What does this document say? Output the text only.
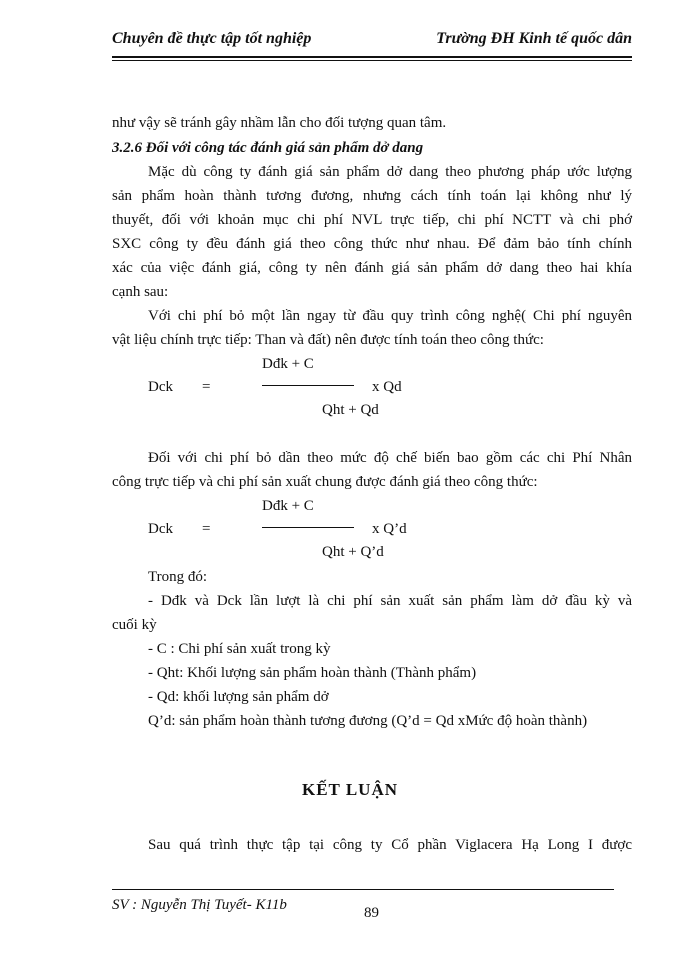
Chuyên đề thực tập tốt nghiệp	Trường ĐH Kinh tế quốc dân
như vậy sẽ tránh gây nhầm lẫn cho đối tượng quan tâm.
3.2.6 Đối với công tác đánh giá sản phẩm dở dang
Mặc dù công ty đánh giá sản phẩm dở dang theo phương pháp ước lượng
sản phẩm hoàn thành tương đương, nhưng cách tính toán lại không như lý
thuyết, đối với khoản mục chi phí NVL trực tiếp, chi phí NCTT và chi phớ
SXC công ty đều đánh giá theo công thức như nhau. Để đảm bảo tính chính
xác của việc đánh giá, công ty nên đánh giá sản phẩm dở dang theo hai khía
cạnh sau:
Với chi phí bỏ một lần ngay từ đầu quy trình công nghệ( Chi phí nguyên
vật liệu chính trực tiếp: Than và đất) nên được tính toán theo công thức:
Dđk + C
Dck =	x Qd
Qht + Qd
Đối với chi phí bỏ dần theo mức độ chế biến bao gồm các chi Phí Nhân
công trực tiếp và chi phí sản xuất chung được đánh giá theo công thức:
Dđk + C
Dck =	x Q’d
Qht + Q’d
Trong đó:
- Dđk và Dck lần lượt là chi phí sản xuất sản phẩm làm dở đầu kỳ và
cuối kỳ
- C : Chi phí sản xuất trong kỳ
- Qht: Khối lượng sản phẩm hoàn thành (Thành phẩm)
- Qd: khối lượng sản phẩm dở
Q’d: sản phẩm hoàn thành tương đương (Q’d = Qd xMức độ hoàn thành)
KẾT LUẬN
Sau quá trình thực tập tại công ty Cổ phần Viglacera Hạ Long I được
SV : Nguyễn Thị Tuyết- K11b	89
